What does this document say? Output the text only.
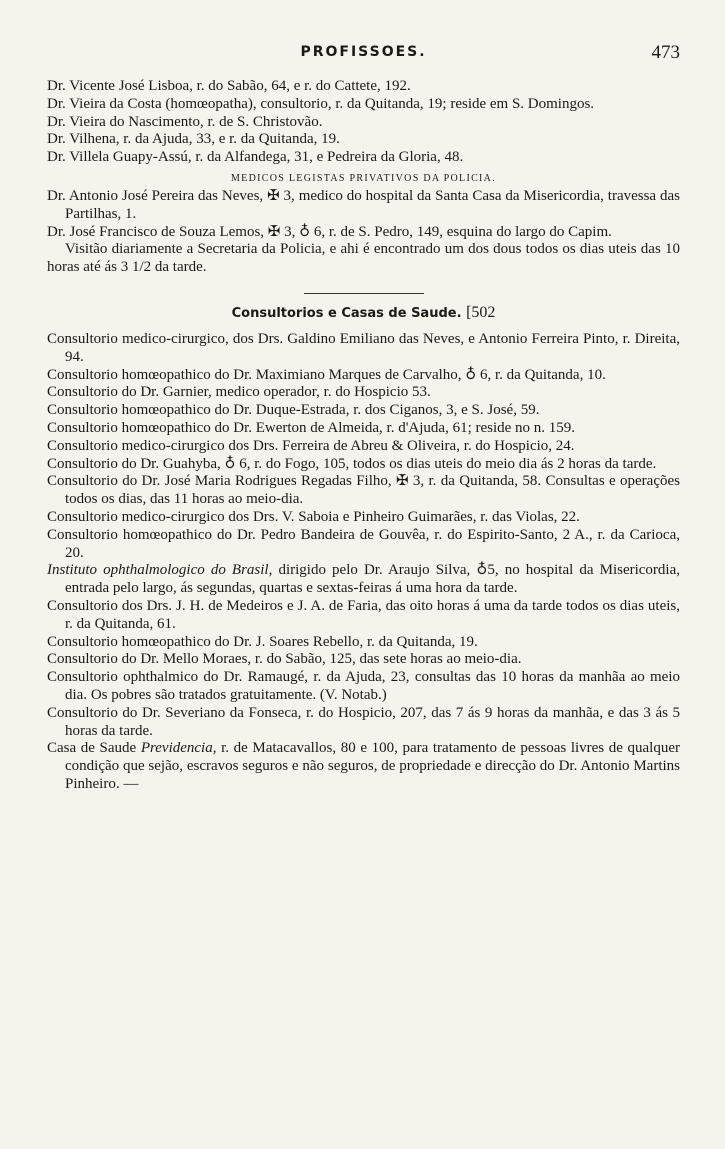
PROFISSOES.	473
Dr. Vicente José Lisboa, r. do Sabão, 64, e r. do Cattete, 192.
Dr. Vieira da Costa (homœopatha), consultorio, r. da Quitanda, 19; reside em S. Domingos.
Dr. Vieira do Nascimento, r. de S. Christovão.
Dr. Vilhena, r. da Ajuda, 33, e r. da Quitanda, 19.
Dr. Villela Guapy-Assú, r. da Alfandega, 31, e Pedreira da Gloria, 48.
MEDICOS LEGISTAS PRIVATIVOS DA POLICIA.
Dr. Antonio José Pereira das Neves, ✠ 3, medico do hospital da Santa Casa da Misericordia, travessa das Partilhas, 1.
Dr. José Francisco de Souza Lemos, ✠ 3, ♁ 6, r. de S. Pedro, 149, esquina do largo do Capim.
Visitão diariamente a Secretaria da Policia, e ahi é encontrado um dos dous todos os dias uteis das 10 horas até ás 3 1/2 da tarde.
Consultorios e Casas de Saude. [502
Consultorio medico-cirurgico, dos Drs. Galdino Emiliano das Neves, e Antonio Ferreira Pinto, r. Direita, 94.
Consultorio homœopathico do Dr. Maximiano Marques de Carvalho, ♁ 6, r. da Quitanda, 10.
Consultorio do Dr. Garnier, medico operador, r. do Hospicio 53.
Consultorio homœopathico do Dr. Duque-Estrada, r. dos Ciganos, 3, e S. José, 59.
Consultorio homœopathico do Dr. Ewerton de Almeida, r. d'Ajuda, 61; reside no n. 159.
Consultorio medico-cirurgico dos Drs. Ferreira de Abreu & Oliveira, r. do Hospicio, 24.
Consultorio do Dr. Guahyba, ♁ 6, r. do Fogo, 105, todos os dias uteis do meio dia ás 2 horas da tarde.
Consultorio do Dr. José Maria Rodrigues Regadas Filho, ✠ 3, r. da Quitanda, 58. Consultas e operações todos os dias, das 11 horas ao meio-dia.
Consultorio medico-cirurgico dos Drs. V. Saboia e Pinheiro Guimarães, r. das Violas, 22.
Consultorio homœopathico do Dr. Pedro Bandeira de Gouvêa, r. do Espirito-Santo, 2 A., r. da Carioca, 20.
Instituto ophthalmologico do Brasil, dirigido pelo Dr. Araujo Silva, ♁5, no hospital da Misericordia, entrada pelo largo, ás segundas, quartas e sextas-feiras á uma hora da tarde.
Consultorio dos Drs. J. H. de Medeiros e J. A. de Faria, das oito horas á uma da tarde todos os dias uteis, r. da Quitanda, 61.
Consultorio homœopathico do Dr. J. Soares Rebello, r. da Quitanda, 19.
Consultorio do Dr. Mello Moraes, r. do Sabão, 125, das sete horas ao meio-dia.
Consultorio ophthalmico do Dr. Ramaugé, r. da Ajuda, 23, consultas das 10 horas da manhãa ao meio dia. Os pobres são tratados gratuitamente. (V. Notab.)
Consultorio do Dr. Severiano da Fonseca, r. do Hospicio, 207, das 7 ás 9 horas da manhãa, e das 3 ás 5 horas da tarde.
Casa de Saude Previdencia, r. de Matacavallos, 80 e 100, para tratamento de pessoas livres de qualquer condição que sejão, escravos seguros e não seguros, de propriedade e direcção do Dr. Antonio Martins Pinheiro. —
